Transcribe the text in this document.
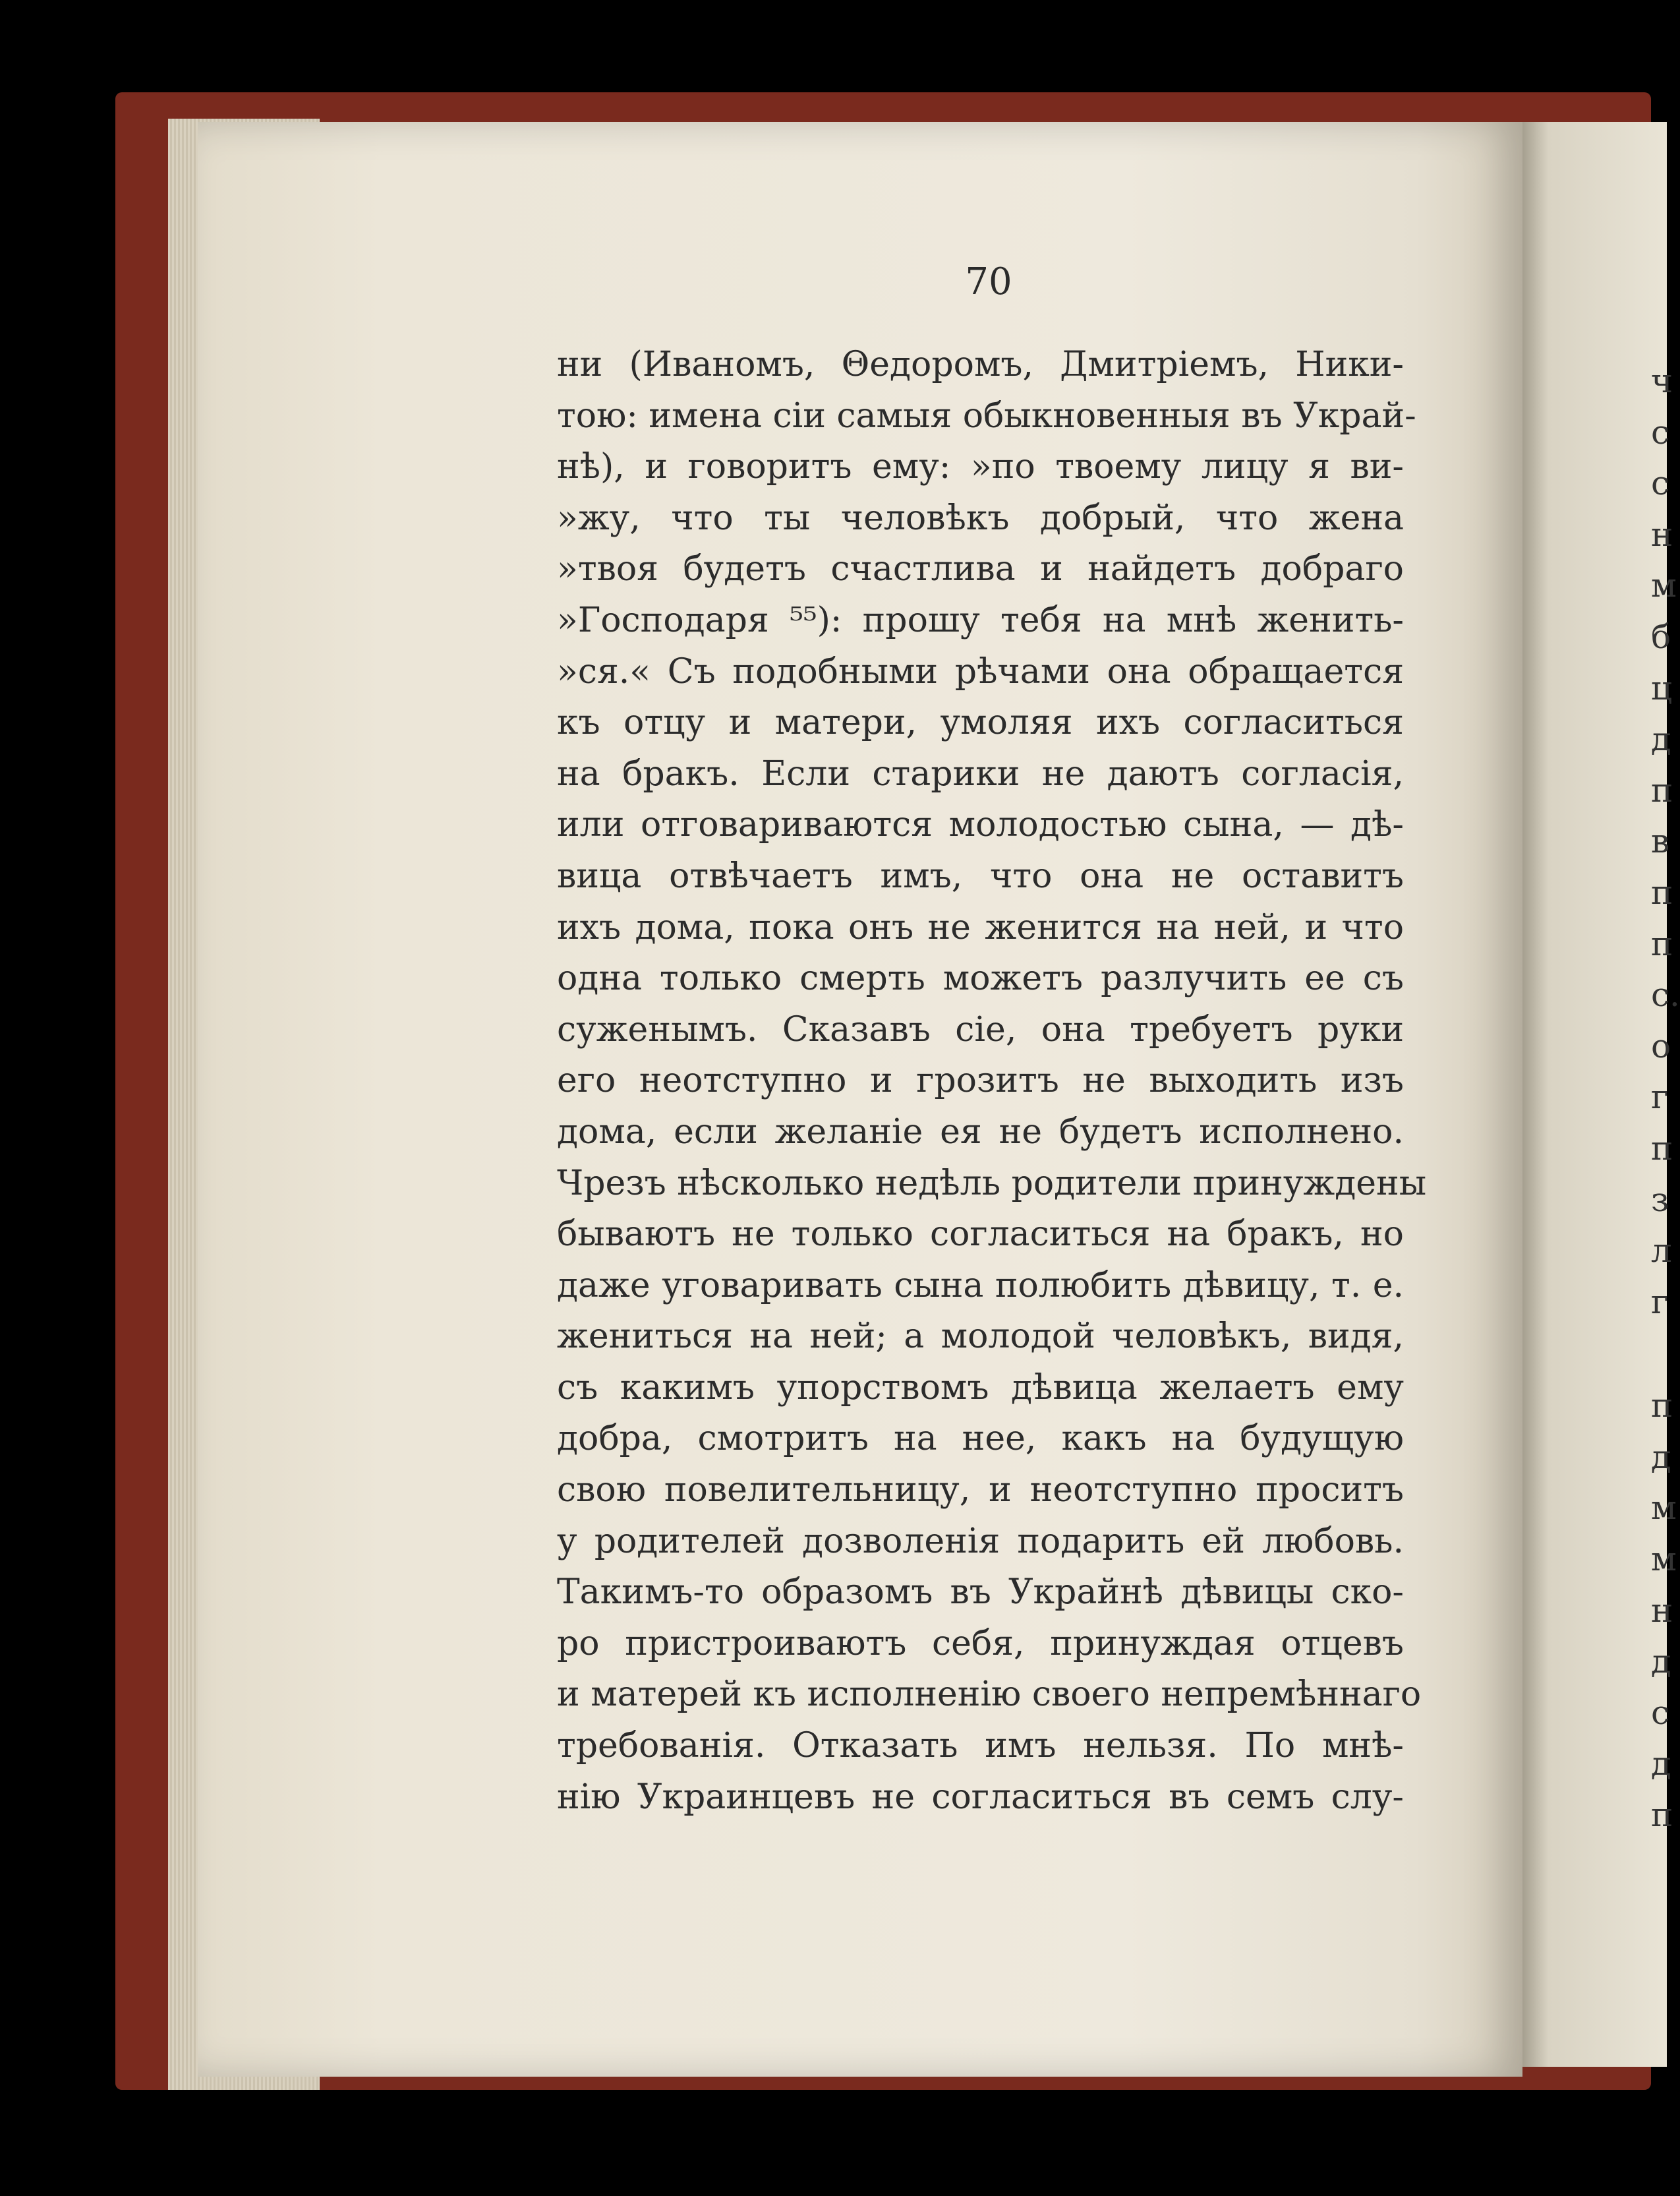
70
ни (Иваномъ, Θедоромъ, Дмитріемъ, Ники-
тою: имена сіи самыя обыкновенныя въ Украй-
нѣ), и говоритъ ему: »по твоему лицу я ви-
»жу, что ты человѣкъ добрый, что жена
»твоя будетъ счастлива и найдетъ добраго
»Господаря ⁵⁵): прошу тебя на мнѣ женить-
»ся.« Съ подобными рѣчами она обращается
къ отцу и матери, умоляя ихъ согласиться
на бракъ. Если старики не даютъ согласія,
или отговариваются молодостью сына, — дѣ-
вица отвѣчаетъ имъ, что она не оставитъ
ихъ дома, пока онъ не женится на ней, и что
одна только смерть можетъ разлучить ее съ
суженымъ. Сказавъ сіе, она требуетъ руки
его неотступно и грозитъ не выходить изъ
дома, если желаніе ея не будетъ исполнено.
Чрезъ нѣсколько недѣль родители принуждены
бываютъ не только согласиться на бракъ, но
даже уговаривать сына полюбить дѣвицу, т. е.
жениться на ней; а молодой человѣкъ, видя,
съ какимъ упорствомъ дѣвица желаетъ ему
добра, смотритъ на нее, какъ на будущую
свою повелительницу, и неотступно проситъ
у родителей дозволенія подарить ей любовь.
Такимъ-то образомъ въ Украйнѣ дѣвицы ско-
ро пристроиваютъ себя, принуждая отцевъ
и матерей къ исполненію своего непремѣннаго
требованія. Отказать имъ нельзя. По мнѣ-
нію Украинцевъ не согласиться въ семъ слу-
ч
с
с
н
м
б
ц
д
п
в
п
п
с.
о
г
п
з
л
г
п
д
м
м
н
д
с
д
п
